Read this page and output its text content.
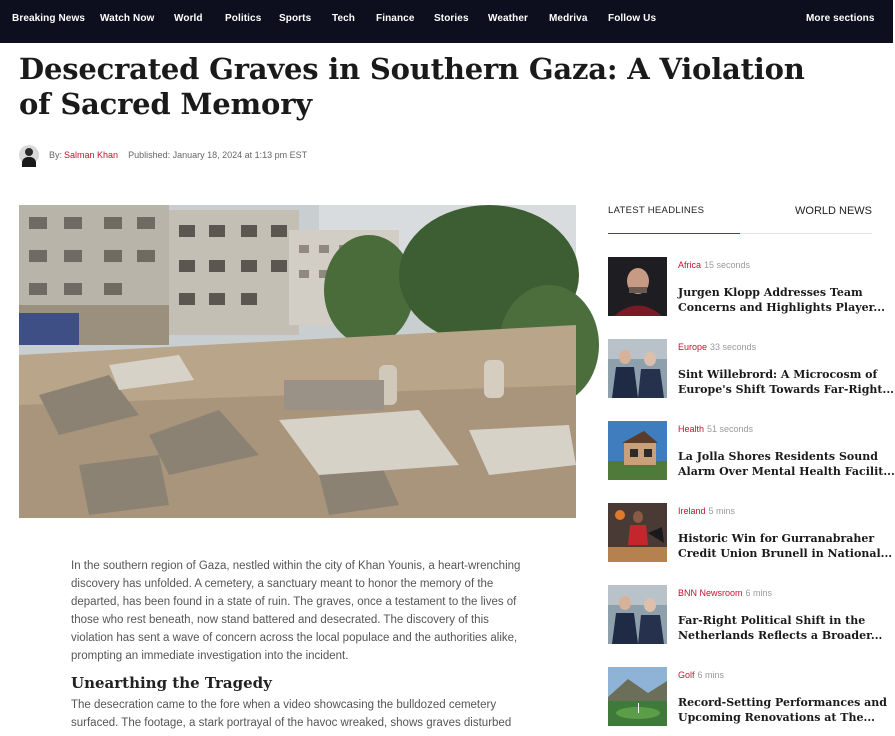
Breaking News Watch Now World Politics Sports Tech Finance Stories Weather Medriva Follow Us	More sections
Desecrated Graves in Southern Gaza: A Violation of Sacred Memory
By: Salman Khan Published: January 18, 2024 at 1:13 pm EST

In the southern region of Gaza, nestled within the city of Khan Younis, a heart-wrenching discovery has unfolded. A cemetery, a sanctuary meant to honor the memory of the departed, has been found in a state of ruin. The graves, once a testament to the lives of those who rest beneath, now stand battered and desecrated. The discovery of this violation has sent a wave of concern across the local populace and the authorities alike, prompting an immediate investigation into the incident.

Unearthing the Tragedy

The desecration came to the fore when a video showcasing the bulldozed cemetery surfaced. The footage, a stark portrayal of the havoc wreaked, shows graves disturbed

LATEST HEADLINES	WORLD NEWS
Africa 15 seconds
Jurgen Klopp Addresses Team
Concerns and Highlights Player...
Europe 33 seconds
Sint Willebrord: A Microcosm of
Europe's Shift Towards Far-Right...
Health 51 seconds
La Jolla Shores Residents Sound
Alarm Over Mental Health Facilit...
Ireland 5 mins
Historic Win for Gurranabraher
Credit Union Brunell in National...
BNN Newsroom 6 mins
Far-Right Political Shift in the
Netherlands Reflects a Broader...
Golf 6 mins
Record-Setting Performances and
Upcoming Renovations at The...
